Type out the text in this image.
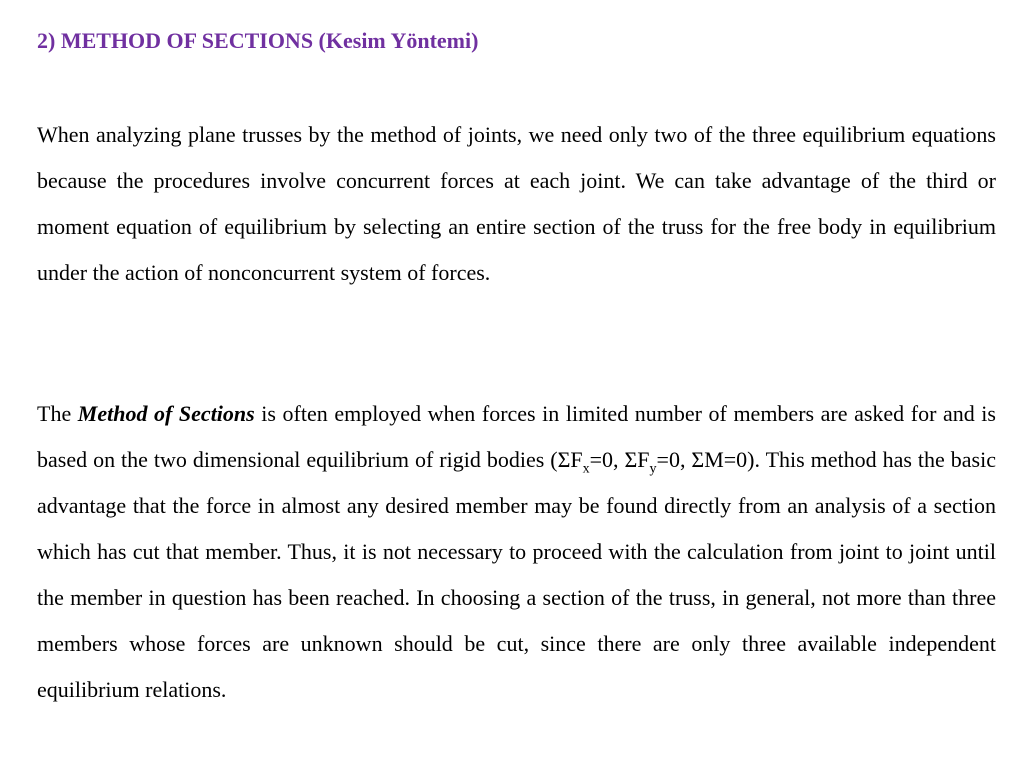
2) METHOD OF SECTIONS (Kesim Yöntemi)

When analyzing plane trusses by the method of joints, we need only two of the three equilibrium equations because the procedures involve concurrent forces at each joint. We can take advantage of the third or moment equation of equilibrium by selecting an entire section of the truss for the free body in equilibrium under the action of nonconcurrent system of forces.

The Method of Sections is often employed when forces in limited number of members are asked for and is based on the two dimensional equilibrium of rigid bodies ($\Sigma F_x=0$, $\Sigma F_y=0$, ΣM=0). This method has the basic advantage that the force in almost any desired member may be found directly from an analysis of a section which has cut that member. Thus, it is not necessary to proceed with the calculation from joint to joint until the member in question has been reached. In choosing a section of the truss, in general, not more than three members whose forces are unknown should be cut, since there are only three available independent equilibrium relations.
